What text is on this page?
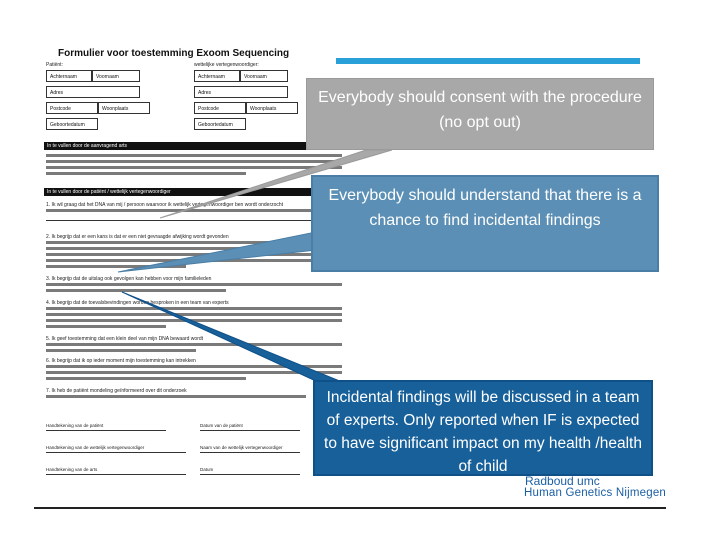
Formulier voor toestemming Exoom Sequencing
Patiënt:	wettelijke vertegenwoordiger:
Achternaam	Voornaam	Achternaam	Voornaam
Adres	Adres
Postcode	Woonplaats	Postcode	Woonplaats
Geboortedatum	Geboortedatum
In te vullen door de aanvragend arts
In te vullen door de patiënt / wettelijk vertegenwoordiger
1. Ik wil graag dat het DNA van mij / persoon waarvoor ik wettelijk vertegenwoordiger ben wordt onderzocht
2. Ik begrijp dat er een kans is dat er een niet gevraagde afwijking wordt gevonden
3. Ik begrijp dat de uitslag ook gevolgen kan hebben voor mijn familieleden
4. Ik begrijp dat de toevalsbevindingen worden besproken in een team van experts
5. Ik geef toestemming dat een klein deel van mijn DNA bewaard wordt
6. Ik begrijp dat ik op ieder moment mijn toestemming kan intrekken
7. Ik heb de patiënt mondeling geïnformeerd over dit onderzoek
Handtekening van de patiënt	Datum van de patiënt
Handtekening van de wettelijk vertegenwoordiger	Naam van de wettelijk vertegenwoordiger
Handtekening van de arts	Datum
Everybody should consent with the procedure (no opt out)
Everybody should understand that there is a chance to find incidental findings
Incidental findings will be discussed in a team of experts. Only reported when IF is expected to have significant impact on my health /health of child
Radboud umc
Human Genetics Nijmegen
